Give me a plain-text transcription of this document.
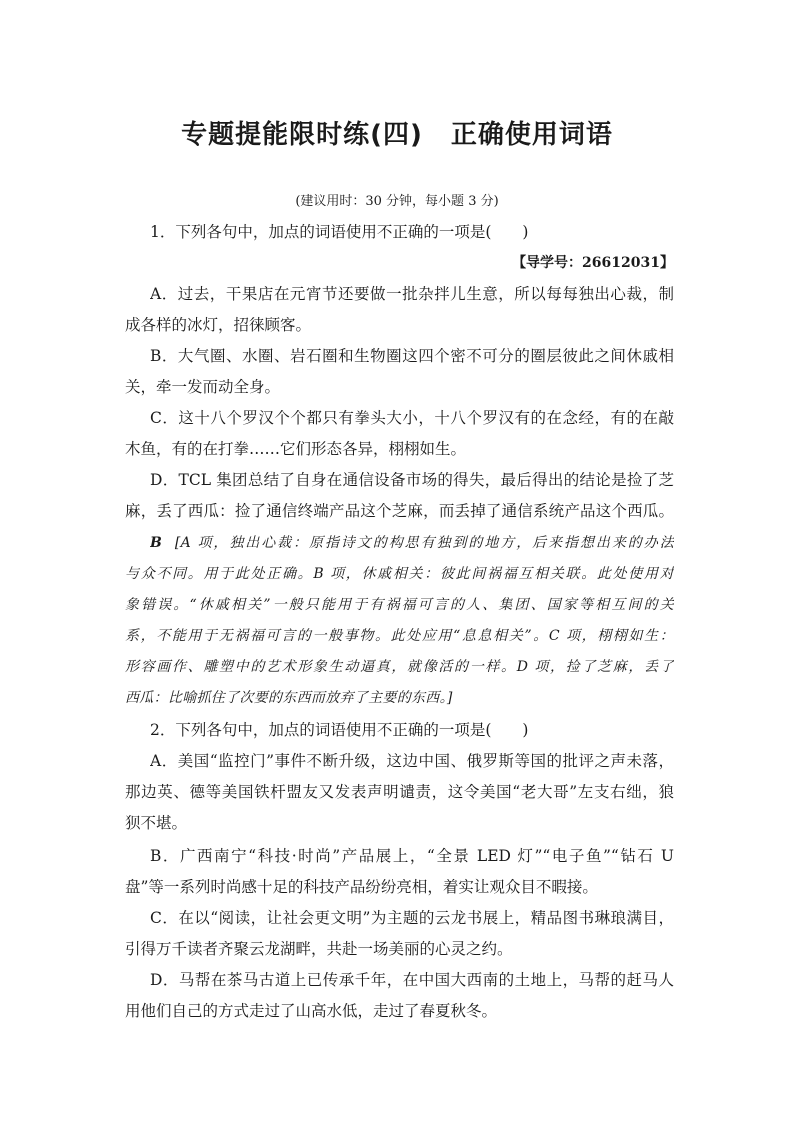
专题提能限时练(四) 正确使用词语
(建议用时：30 分钟，每小题 3 分)
1．下列各句中，加点的词语使用不正确的一项是(　　)
【导学号：26612031】
A．过去，干果店在元宵节还要做一批杂拌儿生意，所以每每独出心裁，制
成各样的冰灯，招徕顾客。
B．大气圈、水圈、岩石圈和生物圈这四个密不可分的圈层彼此之间休戚相
关，牵一发而动全身。
C．这十八个罗汉个个都只有拳头大小，十八个罗汉有的在念经，有的在敲
木鱼，有的在打拳……它们形态各异，栩栩如生。
D．TCL 集团总结了自身在通信设备市场的得失，最后得出的结论是捡了芝
麻，丢了西瓜：捡了通信终端产品这个芝麻，而丢掉了通信系统产品这个西瓜。
B [A 项，独出心裁：原指诗文的构思有独到的地方，后来指想出来的办法
与众不同。用于此处正确。B 项，休戚相关：彼此间祸福互相关联。此处使用对
象错误。“休戚相关”一般只能用于有祸福可言的人、集团、国家等相互间的关
系，不能用于无祸福可言的一般事物。此处应用“息息相关”。C 项，栩栩如生：
形容画作、雕塑中的艺术形象生动逼真，就像活的一样。D 项，捡了芝麻，丢了
西瓜：比喻抓住了次要的东西而放弃了主要的东西。]
2．下列各句中，加点的词语使用不正确的一项是(　　)
A．美国“监控门”事件不断升级，这边中国、俄罗斯等国的批评之声未落，
那边英、德等美国铁杆盟友又发表声明谴责，这令美国“老大哥”左支右绌，狼
狈不堪。
B．广西南宁“科技·时尚”产品展上，“全景 LED 灯”“电子鱼”“钻石 U
盘”等一系列时尚感十足的科技产品纷纷亮相，着实让观众目不暇接。
C．在以“阅读，让社会更文明”为主题的云龙书展上，精品图书琳琅满目，
引得万千读者齐聚云龙湖畔，共赴一场美丽的心灵之约。
D．马帮在茶马古道上已传承千年，在中国大西南的土地上，马帮的赶马人
用他们自己的方式走过了山高水低，走过了春夏秋冬。
